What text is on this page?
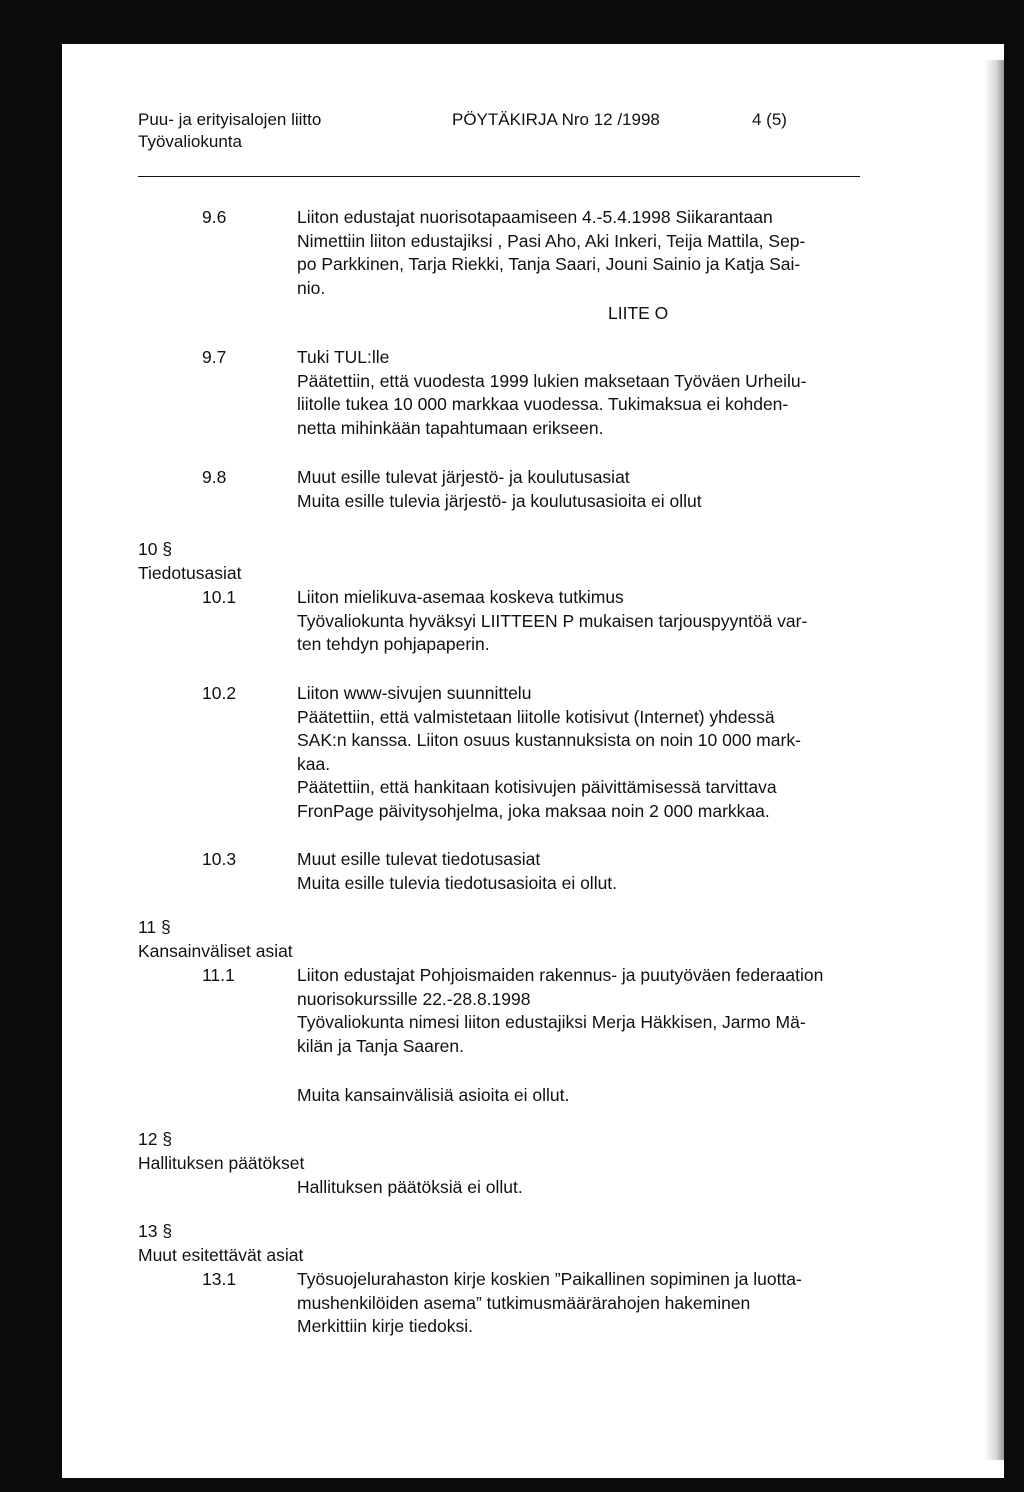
Puu- ja erityisalojen liitto
Työvaliokunta
PÖYTÄKIRJA Nro 12 /1998	4 (5)
9.6	Liiton edustajat nuorisotapaamiseen 4.-5.4.1998 Siikarantaan
Nimettiin liiton edustajiksi , Pasi Aho, Aki Inkeri, Teija Mattila, Sep-
po Parkkinen, Tarja Riekki, Tanja Saari, Jouni Sainio ja Katja Sai-
nio.
LIITE O
9.7	Tuki TUL:lle
Päätettiin, että vuodesta 1999 lukien maksetaan Työväen Urheilu-
liitolle tukea 10 000 markkaa vuodessa. Tukimaksua ei kohden-
netta mihinkään tapahtumaan erikseen.
9.8	Muut esille tulevat järjestö- ja koulutusasiat
Muita esille tulevia järjestö- ja koulutusasioita ei ollut
10 §
Tiedotusasiat
10.1	Liiton mielikuva-asemaa koskeva tutkimus
Työvaliokunta hyväksyi LIITTEEN P mukaisen tarjouspyyntöä var-
ten tehdyn pohjapaperin.
10.2	Liiton www-sivujen suunnittelu
Päätettiin, että valmistetaan liitolle kotisivut (Internet) yhdessä
SAK:n kanssa. Liiton osuus kustannuksista on noin 10 000 mark-
kaa.
Päätettiin, että hankitaan kotisivujen päivittämisessä tarvittava
FronPage päivitysohjelma, joka maksaa noin 2 000 markkaa.
10.3	Muut esille tulevat tiedotusasiat
Muita esille tulevia tiedotusasioita ei ollut.
11 §
Kansainväliset asiat
11.1	Liiton edustajat Pohjoismaiden rakennus- ja puutyöväen federaation
nuorisokurssille 22.-28.8.1998
Työvaliokunta nimesi liiton edustajiksi Merja Häkkisen, Jarmo Mä-
kilän ja Tanja Saaren.
Muita kansainvälisiä asioita ei ollut.
12 §
Hallituksen päätökset
Hallituksen päätöksiä ei ollut.
13 §
Muut esitettävät asiat
13.1	Työsuojelurahaston kirje koskien ”Paikallinen sopiminen ja luotta-
mushenkilöiden asema” tutkimusmäärärahojen hakeminen
Merkittiin kirje tiedoksi.
